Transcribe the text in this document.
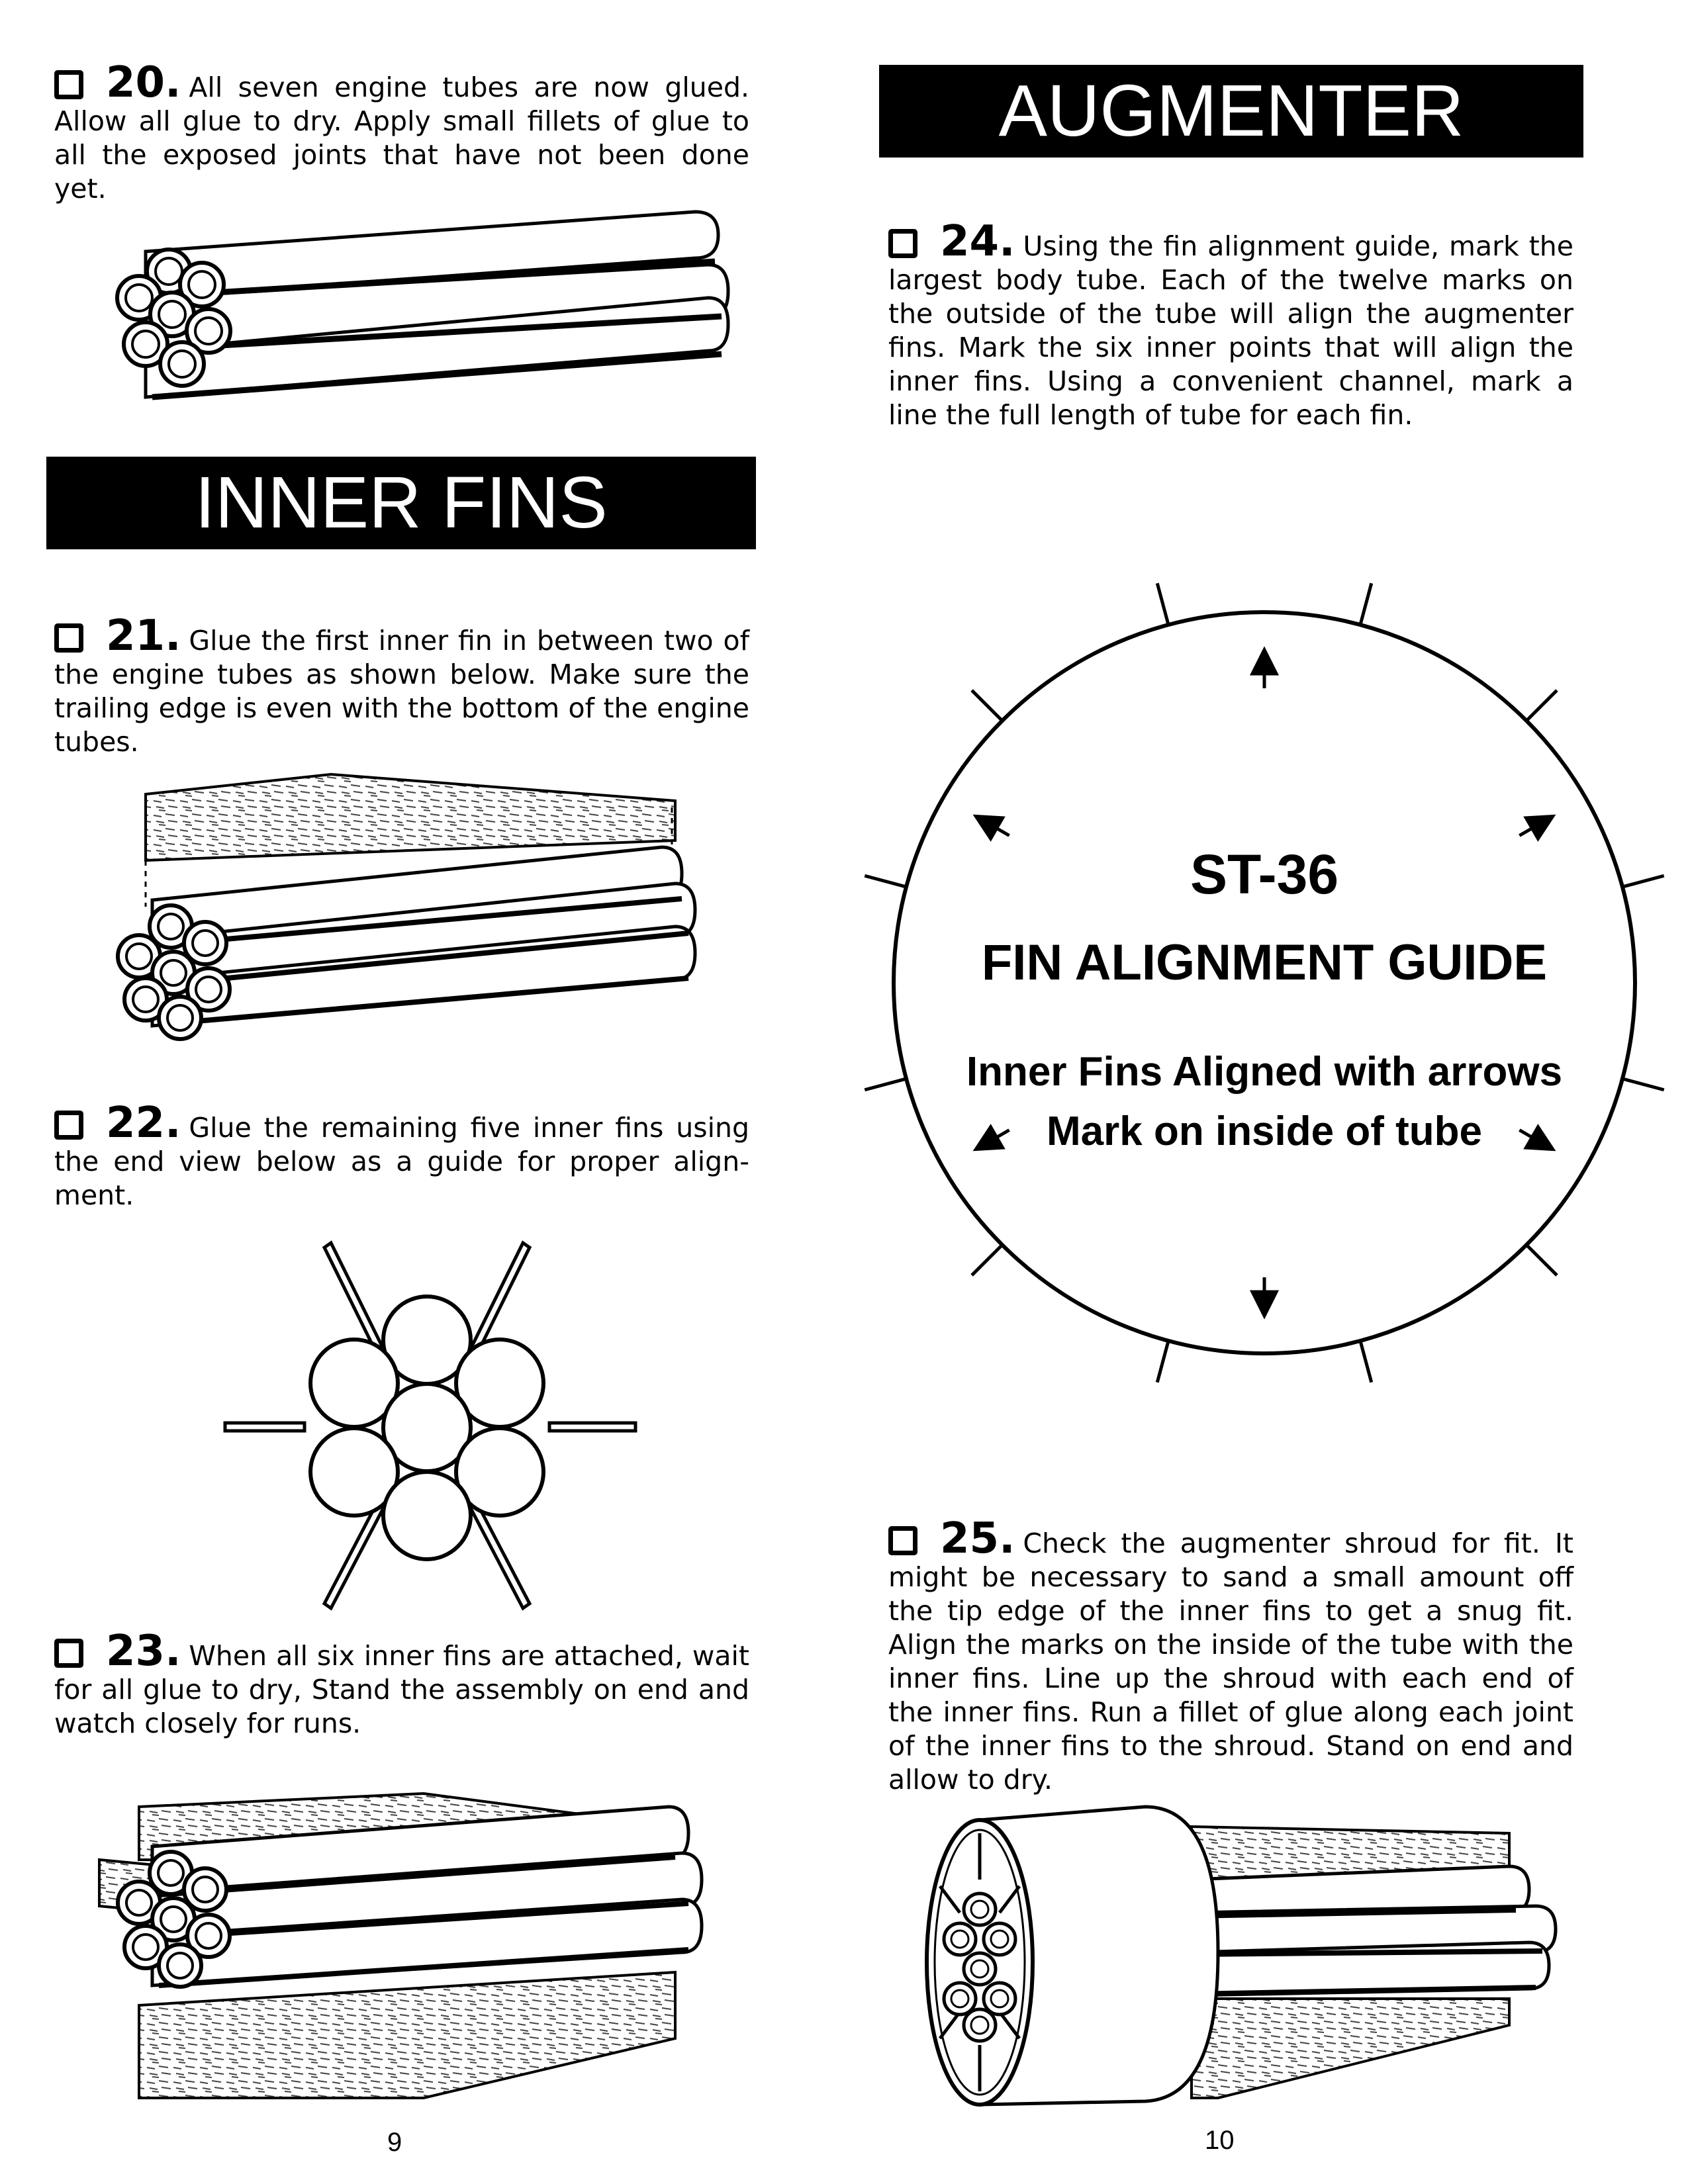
20. All seven engine tubes are now glued. Allow all glue to dry. Apply small fillets of glue to all the exposed joints that have not been done yet.
INNER FINS
21. Glue the first inner fin in between two of the engine tubes as shown below. Make sure the trailing edge is even with the bottom of the engine tubes.
22. Glue the remaining five inner fins using the end view below as a guide for proper align-ment.
23. When all six inner fins are attached, wait for all glue to dry, Stand the assembly on end and watch closely for runs.
9
AUGMENTER
24. Using the fin alignment guide, mark the largest body tube. Each of the twelve marks on the outside of the tube will align the augmenter fins. Mark the six inner points that will align the inner fins. Using a convenient channel, mark a line the full length of tube for each fin.
ST-36
FIN ALIGNMENT GUIDE
Inner Fins Aligned with arrows
Mark on inside of tube
25. Check the augmenter shroud for fit. It might be necessary to sand a small amount off the tip edge of the inner fins to get a snug fit. Align the marks on the inside of the tube with the inner fins. Line up the shroud with each end of the inner fins. Run a fillet of glue along each joint of the inner fins to the shroud. Stand on end and allow to dry.
10
